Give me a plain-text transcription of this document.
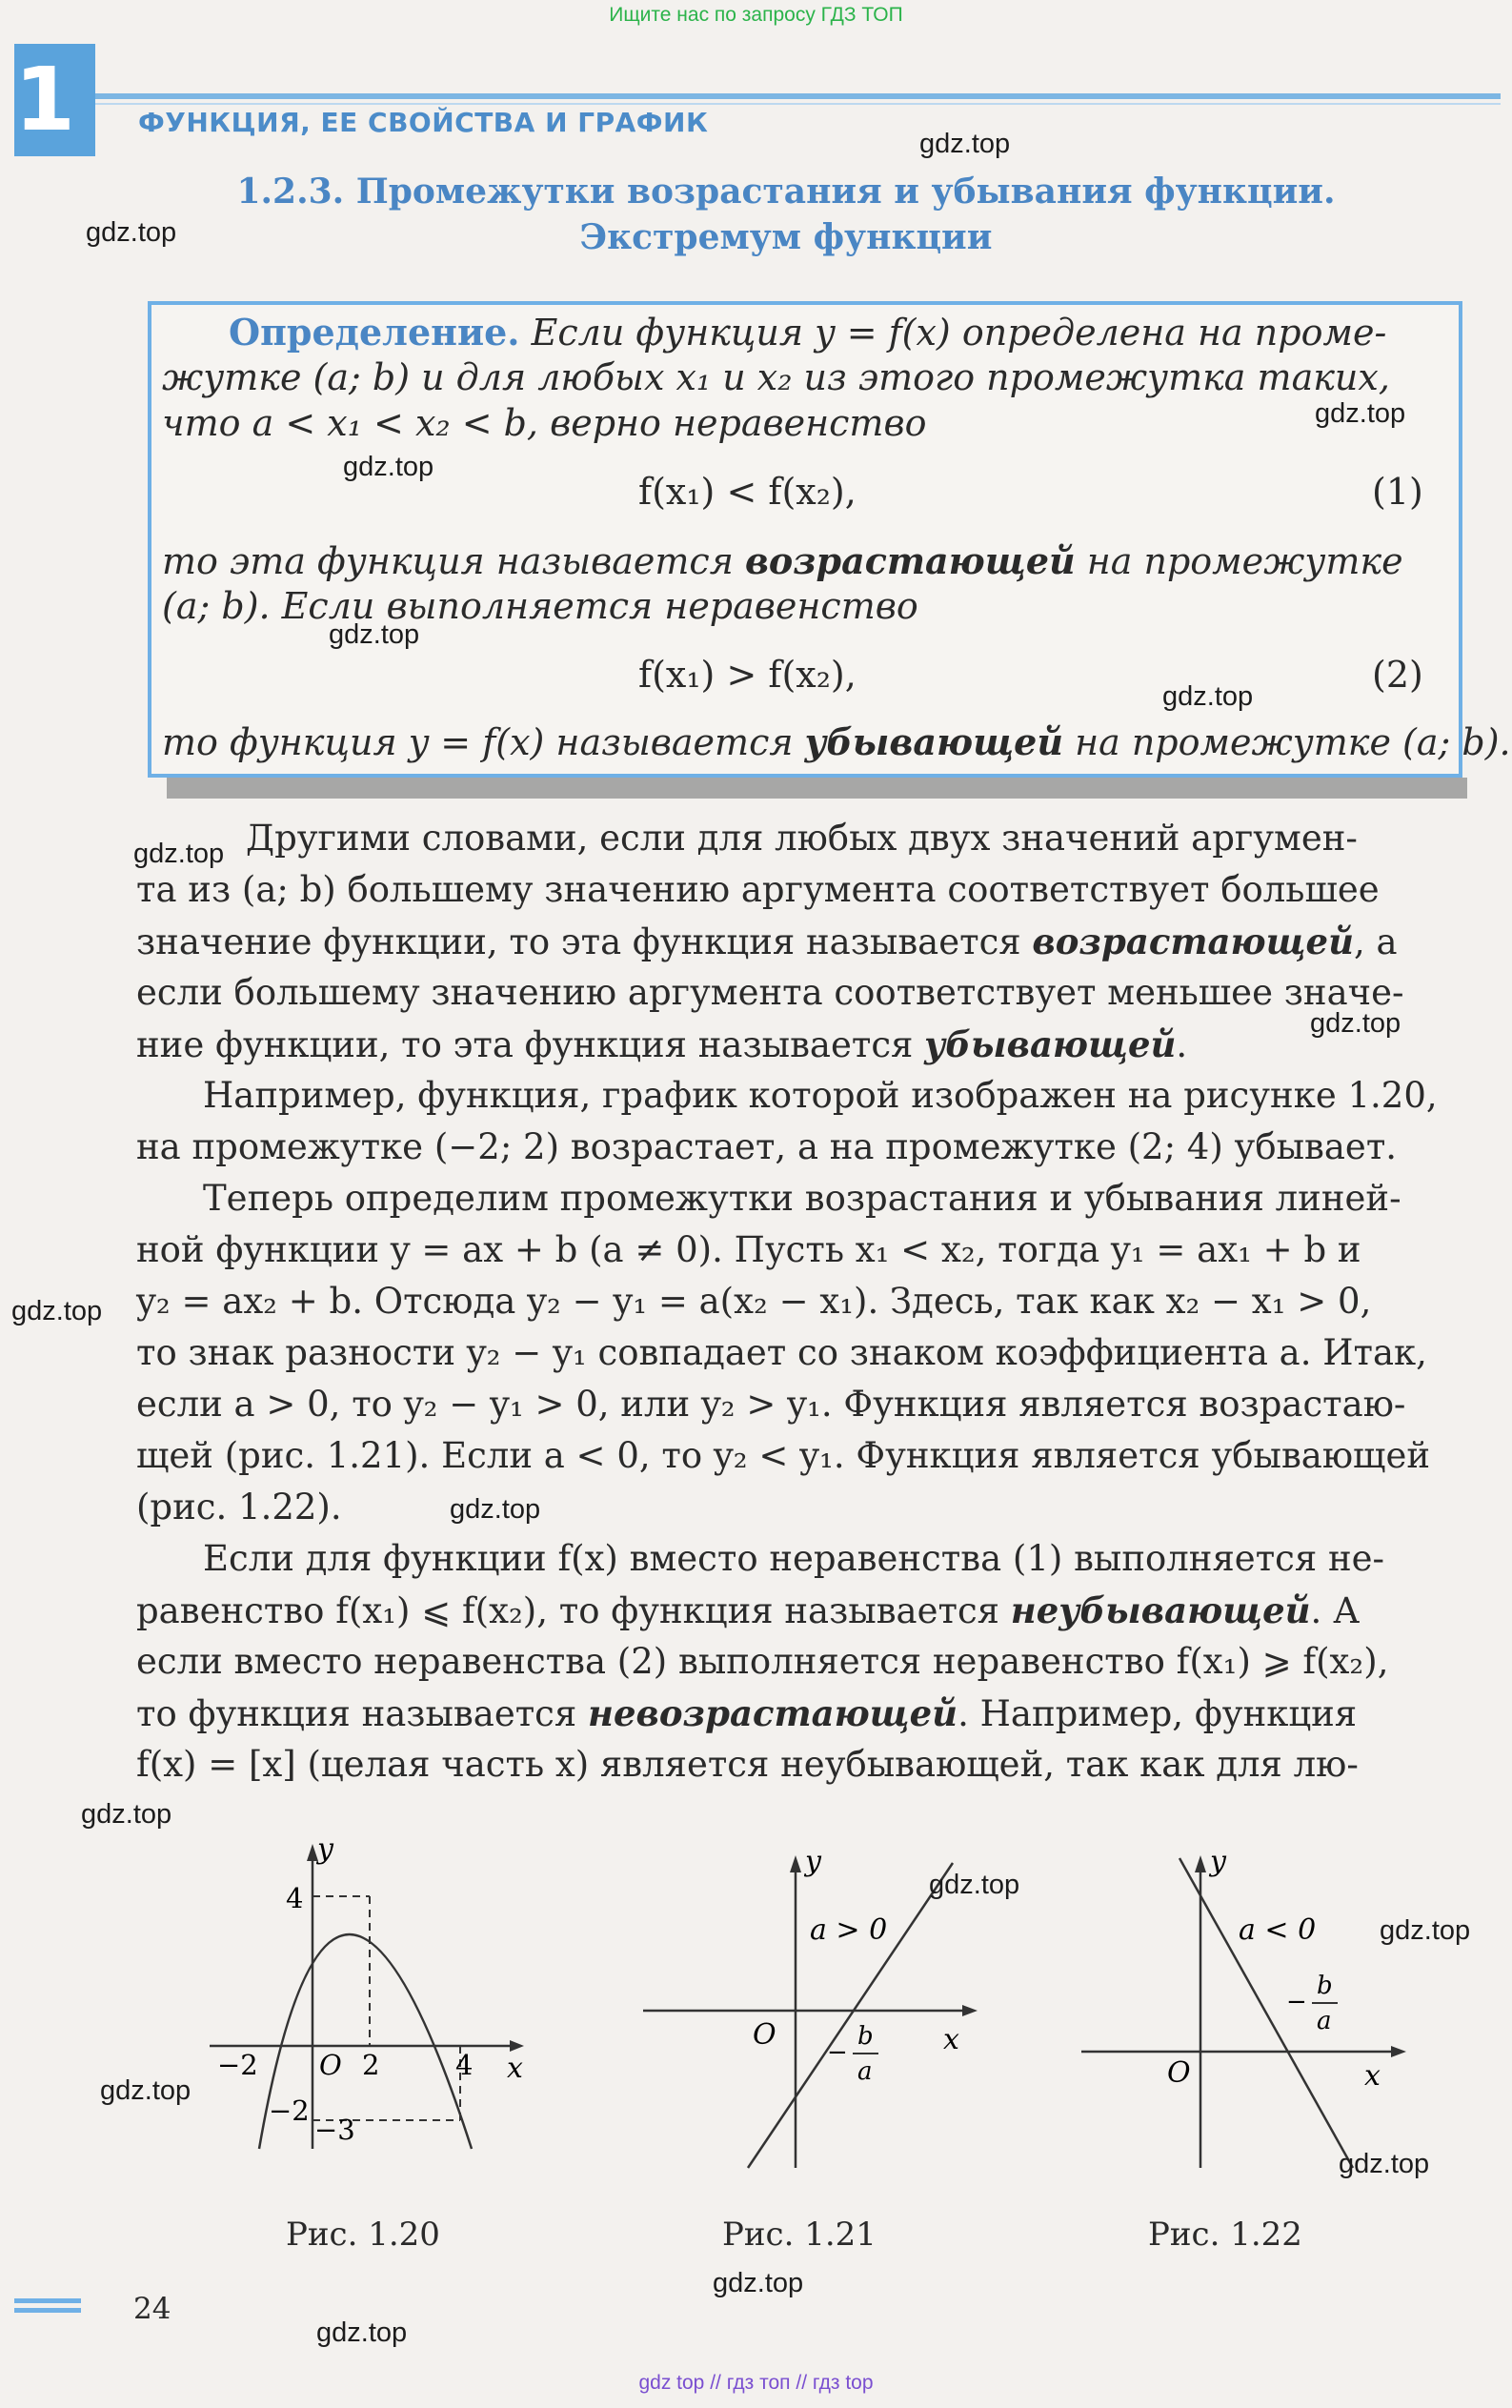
Ищите нас по запросу ГДЗ ТОП
gdz top // гдз топ // гдз top
1 ФУНКЦИЯ, ЕЕ СВОЙСТВА И ГРАФИК
1.2.3. Промежутки возрастания и убывания функции.
Экстремум функции
Определение. Если функция y = f(x) определена на проме-
жутке (a; b) и для любых x₁ и x₂ из этого промежутка таких,
что a < x₁ < x₂ < b, верно неравенство
f(x₁) < f(x₂),	(1)
то эта функция называется возрастающей на промежутке
(a; b). Если выполняется неравенство
f(x₁) > f(x₂),	(2)
то функция y = f(x) называется убывающей на промежутке (a; b).
Другими словами, если для любых двух значений аргумен-
та из (a; b) большему значению аргумента соответствует большее
значение функции, то эта функция называется возрастающей, а
если большему значению аргумента соответствует меньшее значе-
ние функции, то эта функция называется убывающей.
Например, функция, график которой изображен на рисунке 1.20,
на промежутке (−2; 2) возрастает, а на промежутке (2; 4) убывает.
Теперь определим промежутки возрастания и убывания линей-
ной функции y = ax + b (a ≠ 0). Пусть x₁ < x₂, тогда y₁ = ax₁ + b и
y₂ = ax₂ + b. Отсюда y₂ − y₁ = a(x₂ − x₁). Здесь, так как x₂ − x₁ > 0,
то знак разности y₂ − y₁ совпадает со знаком коэффициента a. Итак,
если a > 0, то y₂ − y₁ > 0, или y₂ > y₁. Функция является возрастаю-
щей (рис. 1.21). Если a < 0, то y₂ < y₁. Функция является убывающей
(рис. 1.22).
Если для функции f(x) вместо неравенства (1) выполняется не-
равенство f(x₁) ⩽ f(x₂), то функция называется неубывающей. А
если вместо неравенства (2) выполняется неравенство f(x₁) ⩾ f(x₂),
то функция называется невозрастающей. Например, функция
f(x) = [x] (целая часть x) является неубывающей, так как для лю-
y
x
4
−2 O 2	4
−2
−3
Рис. 1.20
y
x
a > 0
O	b
−
a
Рис. 1.21
y
x
a < 0
O
b
−
a
Рис. 1.22
24
gdz.top
gdz.top
gdz.top
gdz.top
gdz.top
gdz.top
gdz.top
gdz.top
gdz.top
gdz.top
gdz.top
gdz.top
gdz.top
gdz.top
gdz.top
gdz.top
gdz.top
